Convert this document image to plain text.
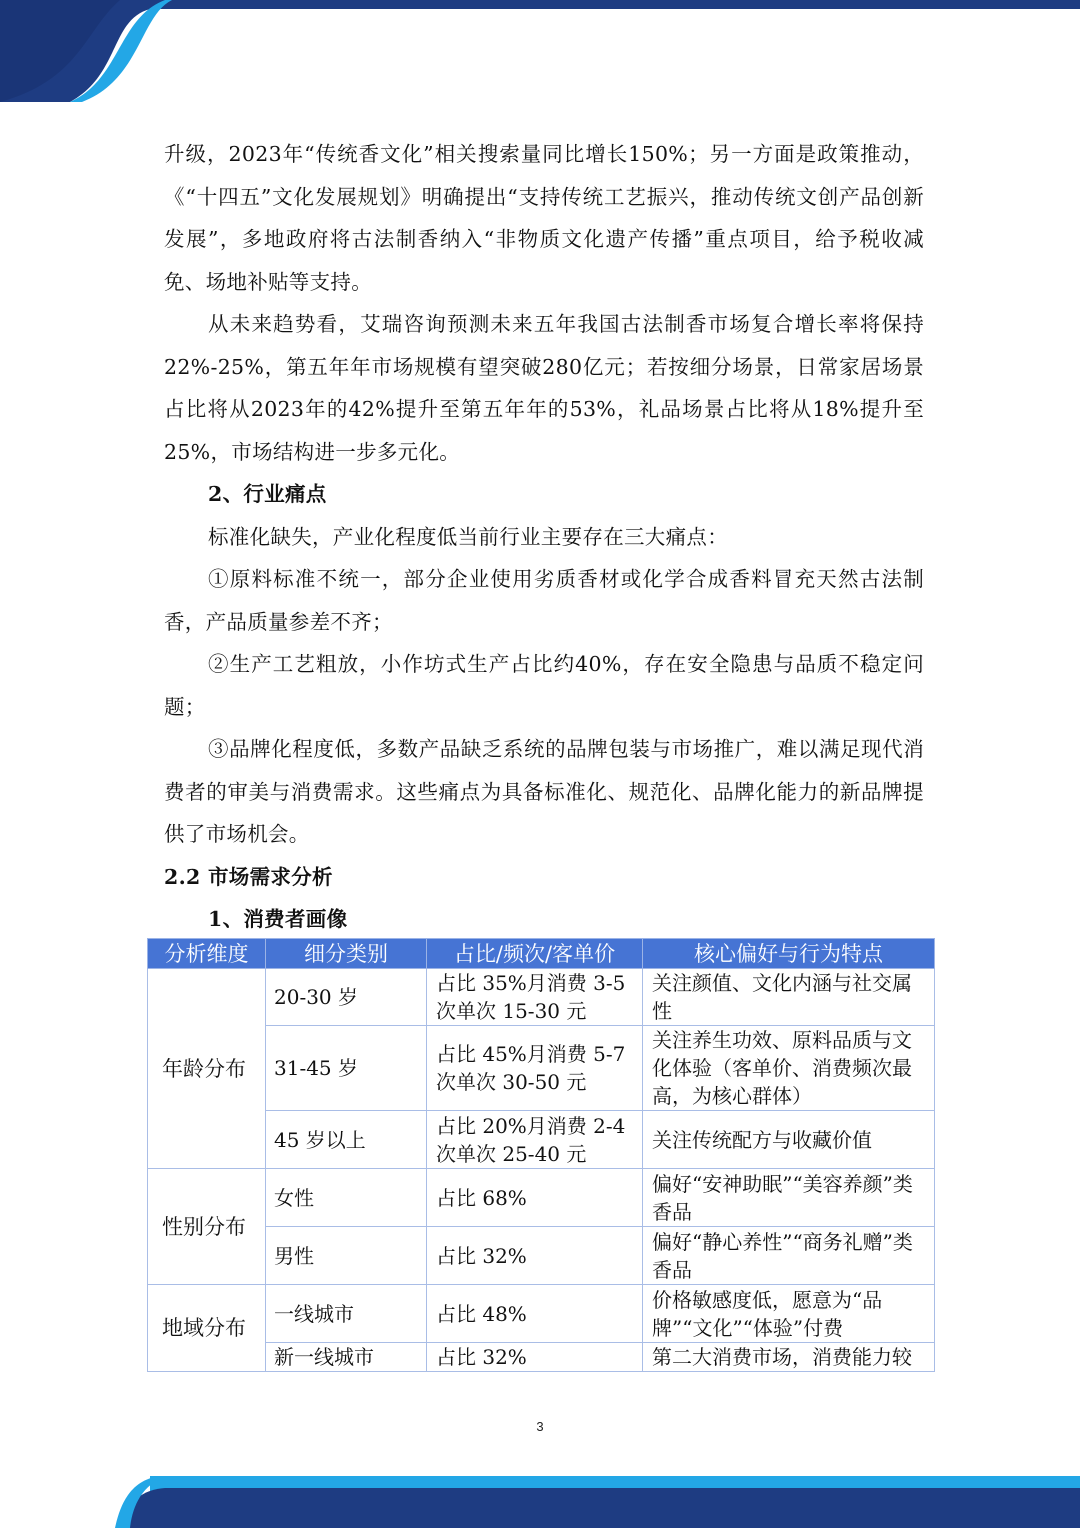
升级，2023年“传统香文化”相关搜索量同比增长150%；另一方面是政策推动，《“十四五”文化发展规划》明确提出“支持传统工艺振兴，推动传统文创产品创新发展”，多地政府将古法制香纳入“非物质文化遗产传播”重点项目，给予税收减免、场地补贴等支持。

从未来趋势看，艾瑞咨询预测未来五年我国古法制香市场复合增长率将保持22%-25%，第五年年市场规模有望突破280亿元；若按细分场景，日常家居场景占比将从2023年的42%提升至第五年年的53%，礼品场景占比将从18%提升至25%，市场结构进一步多元化。

2、行业痛点

标准化缺失，产业化程度低当前行业主要存在三大痛点：

①原料标准不统一，部分企业使用劣质香材或化学合成香料冒充天然古法制香，产品质量参差不齐；

②生产工艺粗放，小作坊式生产占比约40%，存在安全隐患与品质不稳定问题；

③品牌化程度低，多数产品缺乏系统的品牌包装与市场推广，难以满足现代消费者的审美与消费需求。这些痛点为具备标准化、规范化、品牌化能力的新品牌提供了市场机会。

2.2 市场需求分析

1、消费者画像

分析维度	细分类别	占比/频次/客单价	核心偏好与行为特点
年龄分布	20-30 岁	占比 35%月消费 3-5 次单次 15-30 元	关注颜值、文化内涵与社交属性
	31-45 岁	占比 45%月消费 5-7 次单次 30-50 元	关注养生功效、原料品质与文化体验（客单价、消费频次最高，为核心群体）
	45 岁以上	占比 20%月消费 2-4 次单次 25-40 元	关注传统配方与收藏价值
性别分布	女性	占比 68%	偏好“安神助眠”“美容养颜”类香品
	男性	占比 32%	偏好“静心养性”“商务礼赠”类香品
地域分布	一线城市	占比 48%	价格敏感度低，愿意为“品牌”“文化”“体验”付费
	新一线城市	占比 32%	第二大消费市场，消费能力较
3
